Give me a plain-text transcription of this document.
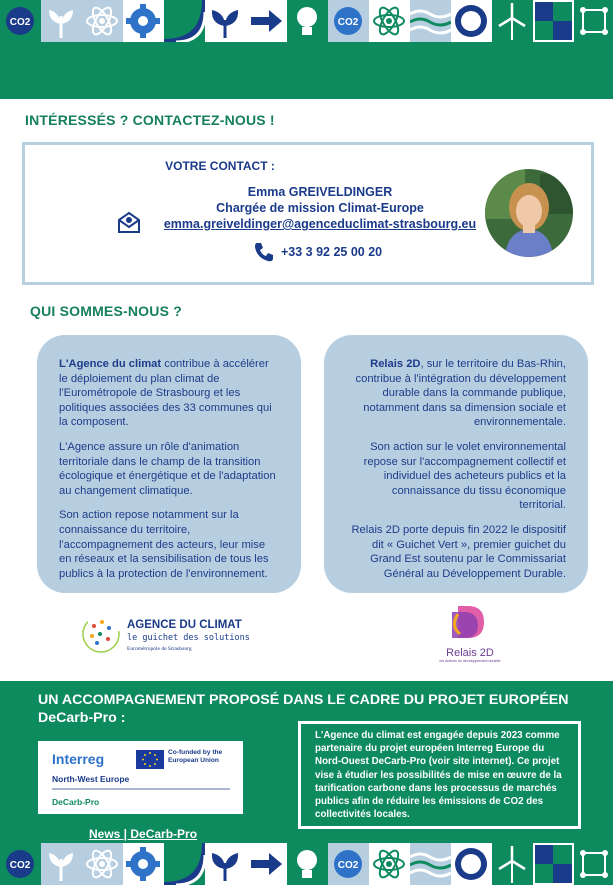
CO2	CO2
INTÉRESSÉS ? CONTACTEZ-NOUS !
VOTRE CONTACT :
Emma GREIVELDINGER
Chargée de mission Climat-Europe
emma.greiveldinger@agenceduclimat-strasbourg.eu
+33 3 92 25 00 20
QUI SOMMES-NOUS ?

L'Agence du climat contribue à accélérer le déploiement du plan climat de l'Eurométropole de Strasbourg et les politiques associées des 33 communes qui la composent.

L'Agence assure un rôle d'animation territoriale dans le champ de la transition écologique et énergétique et de l'adaptation au changement climatique.

Son action repose notamment sur la connaissance du territoire, l'accompagnement des acteurs, leur mise en réseaux et la sensibilisation de tous les publics à la protection de l'environnement.

Relais 2D, sur le territoire du Bas-Rhin, contribue à l'intégration du développement durable dans la commande publique, notamment dans sa dimension sociale et environnementale.

Son action sur le volet environnemental repose sur l'accompagnement collectif et individuel des acheteurs publics et la connaissance du tissu économique territorial.

Relais 2D porte depuis fin 2022 le dispositif dit « Guichet Vert », premier guichet du Grand Est soutenu par le Commissariat Général au Développement Durable.

AGENCE DU CLIMAT
le guichet des solutions
Eurométropole de Strasbourg	Relais 2D
les acteurs du développement durable
UN ACCOMPAGNEMENT PROPOSÉ DANS LE CADRE DU PROJET EUROPÉEN DeCarb-Pro :
Interreg	Co-funded by the European Union
North-West Europe
DeCarb-Pro
News | DeCarb-Pro
L'Agence du climat est engagée depuis 2023 comme partenaire du projet européen Interreg Europe du Nord-Ouest DeCarb-Pro (voir site internet). Ce projet vise à étudier les possibilités de mise en œuvre de la tarification carbone dans les processus de marchés publics afin de réduire les émissions de CO2 des collectivités locales.
CO2	CO2
